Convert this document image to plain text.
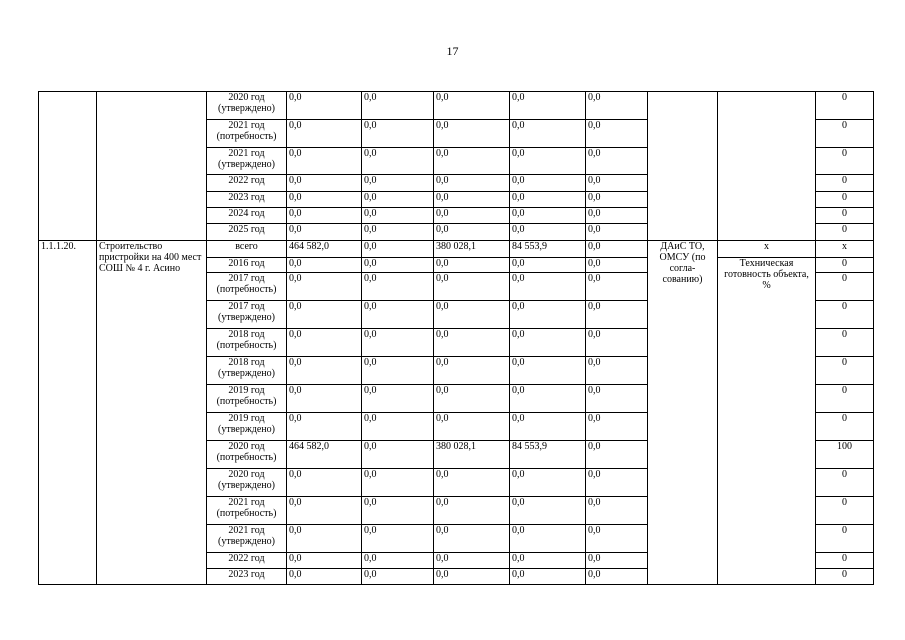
17
		2020 год (утверждено)	0,0	0,0	0,0	0,0	0,0			0
		2021 год (потребность)	0,0	0,0	0,0	0,0	0,0			0
		2021 год (утверждено)	0,0	0,0	0,0	0,0	0,0			0
		2022 год	0,0	0,0	0,0	0,0	0,0			0
		2023 год	0,0	0,0	0,0	0,0	0,0			0
		2024 год	0,0	0,0	0,0	0,0	0,0			0
		2025 год	0,0	0,0	0,0	0,0	0,0			0
1.1.1.20.	Строительство пристройки на 400 мест СОШ № 4 г. Асино	всего	464 582,0	0,0	380 028,1	84 553,9	0,0	ДАиС ТО, ОМСУ (по согла-сованию)	х	х
		2016 год	0,0	0,0	0,0	0,0	0,0		Техническая готовность объекта, %	0
		2017 год (потребность)	0,0	0,0	0,0	0,0	0,0			0
		2017 год (утверждено)	0,0	0,0	0,0	0,0	0,0			0
		2018 год (потребность)	0,0	0,0	0,0	0,0	0,0			0
		2018 год (утверждено)	0,0	0,0	0,0	0,0	0,0			0
		2019 год (потребность)	0,0	0,0	0,0	0,0	0,0			0
		2019 год (утверждено)	0,0	0,0	0,0	0,0	0,0			0
		2020 год (потребность)	464 582,0	0,0	380 028,1	84 553,9	0,0			100
		2020 год (утверждено)	0,0	0,0	0,0	0,0	0,0			0
		2021 год (потребность)	0,0	0,0	0,0	0,0	0,0			0
		2021 год (утверждено)	0,0	0,0	0,0	0,0	0,0			0
		2022 год	0,0	0,0	0,0	0,0	0,0			0
		2023 год	0,0	0,0	0,0	0,0	0,0			0
